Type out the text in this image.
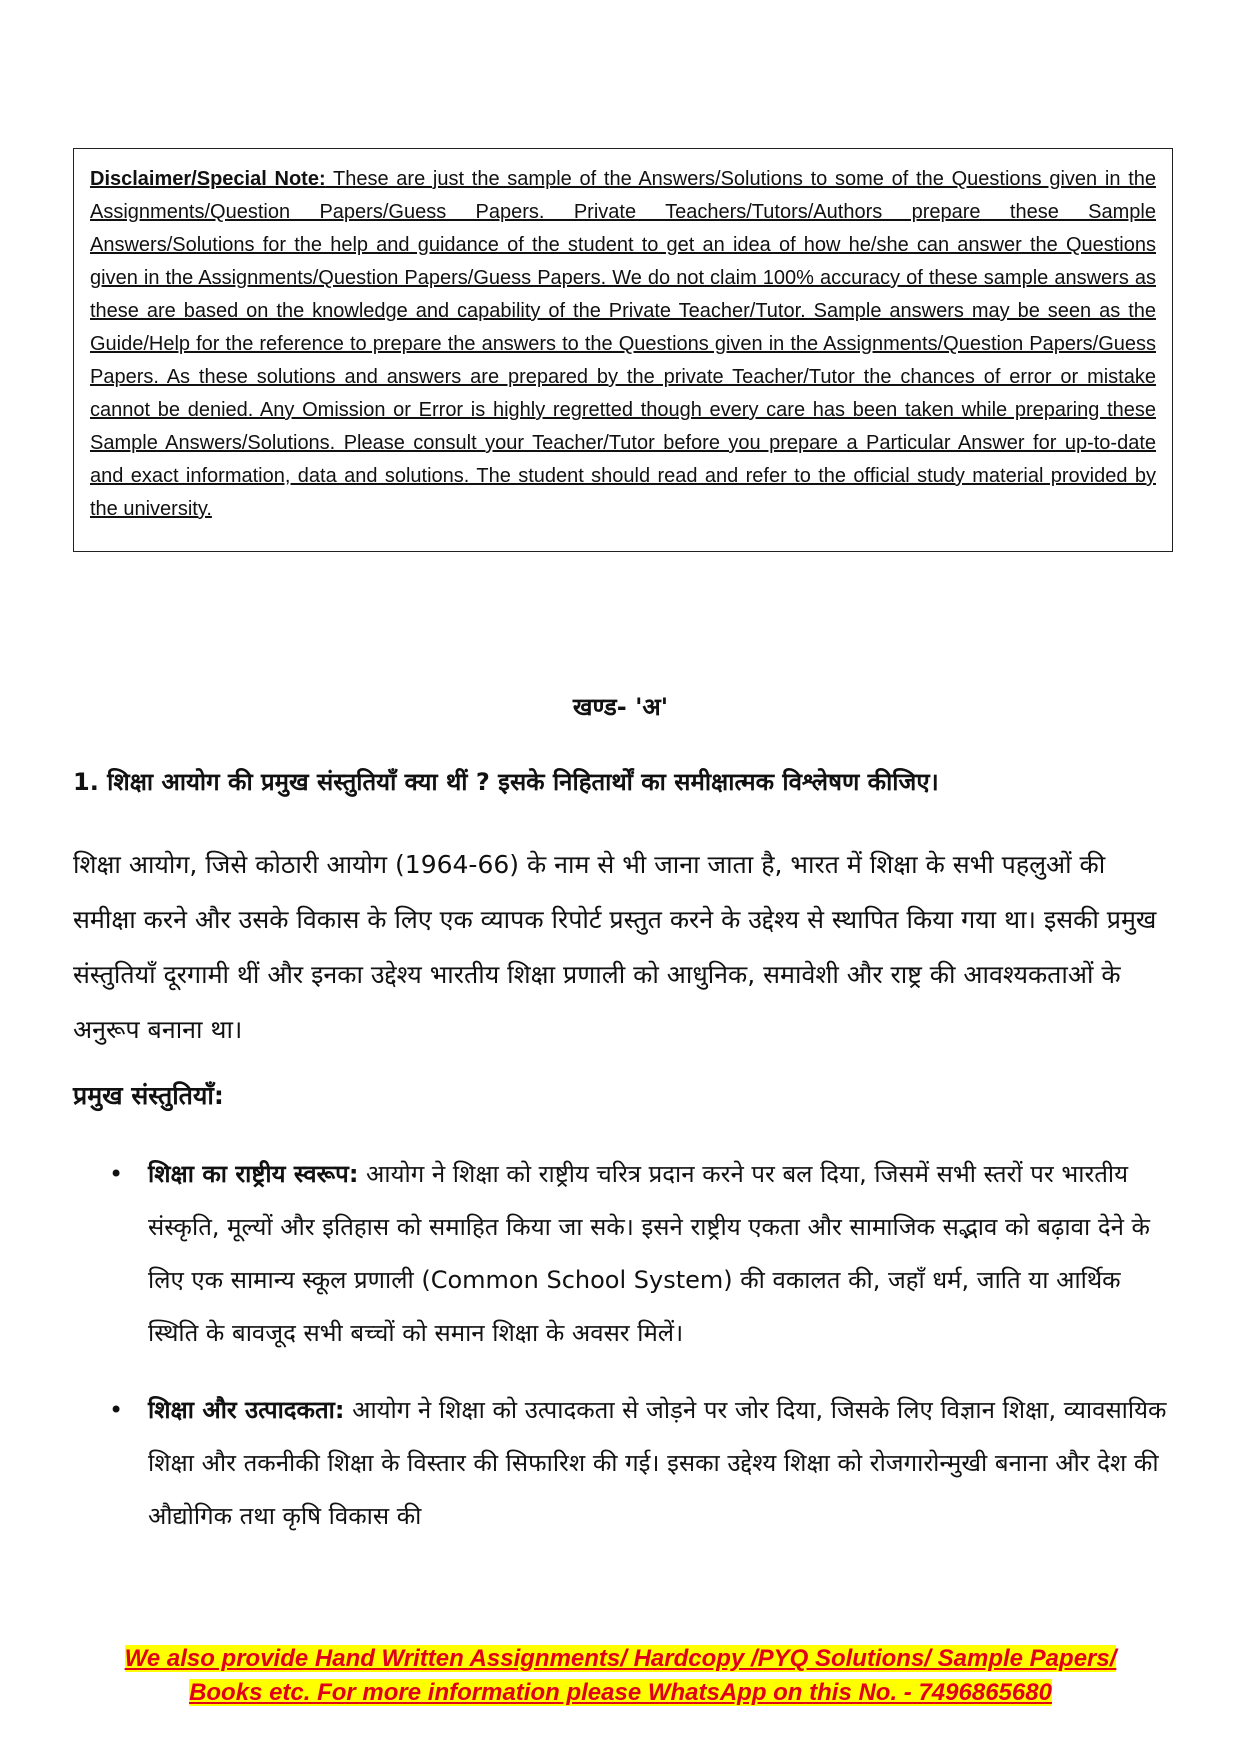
Disclaimer/Special Note: These are just the sample of the Answers/Solutions to some of the Questions given in the Assignments/Question Papers/Guess Papers. Private Teachers/Tutors/Authors prepare these Sample Answers/Solutions for the help and guidance of the student to get an idea of how he/she can answer the Questions given in the Assignments/Question Papers/Guess Papers. We do not claim 100% accuracy of these sample answers as these are based on the knowledge and capability of the Private Teacher/Tutor. Sample answers may be seen as the Guide/Help for the reference to prepare the answers to the Questions given in the Assignments/Question Papers/Guess Papers. As these solutions and answers are prepared by the private Teacher/Tutor the chances of error or mistake cannot be denied. Any Omission or Error is highly regretted though every care has been taken while preparing these Sample Answers/Solutions. Please consult your Teacher/Tutor before you prepare a Particular Answer for up-to-date and exact information, data and solutions. The student should read and refer to the official study material provided by the university.

खण्ड- 'अ'
1. शिक्षा आयोग की प्रमुख संस्तुतियाँ क्या थीं ? इसके निहितार्थों का समीक्षात्मक विश्लेषण कीजिए।

शिक्षा आयोग, जिसे कोठारी आयोग (1964-66) के नाम से भी जाना जाता है, भारत में शिक्षा के सभी पहलुओं की समीक्षा करने और उसके विकास के लिए एक व्यापक रिपोर्ट प्रस्तुत करने के उद्देश्य से स्थापित किया गया था। इसकी प्रमुख संस्तुतियाँ दूरगामी थीं और इनका उद्देश्य भारतीय शिक्षा प्रणाली को आधुनिक, समावेशी और राष्ट्र की आवश्यकताओं के अनुरूप बनाना था।

प्रमुख संस्तुतियाँ:
• शिक्षा का राष्ट्रीय स्वरूप: आयोग ने शिक्षा को राष्ट्रीय चरित्र प्रदान करने पर बल दिया, जिसमें सभी स्तरों पर भारतीय संस्कृति, मूल्यों और इतिहास को समाहित किया जा सके। इसने राष्ट्रीय एकता और सामाजिक सद्भाव को बढ़ावा देने के लिए एक सामान्य स्कूल प्रणाली (Common School System) की वकालत की, जहाँ धर्म, जाति या आर्थिक स्थिति के बावजूद सभी बच्चों को समान शिक्षा के अवसर मिलें।
• शिक्षा और उत्पादकता: आयोग ने शिक्षा को उत्पादकता से जोड़ने पर जोर दिया, जिसके लिए विज्ञान शिक्षा, व्यावसायिक शिक्षा और तकनीकी शिक्षा के विस्तार की सिफारिश की गई। इसका उद्देश्य शिक्षा को रोजगारोन्मुखी बनाना और देश की औद्योगिक तथा कृषि विकास की
We also provide Hand Written Assignments/ Hardcopy /PYQ Solutions/ Sample Papers/
Books etc. For more information please WhatsApp on this No. - 7496865680
